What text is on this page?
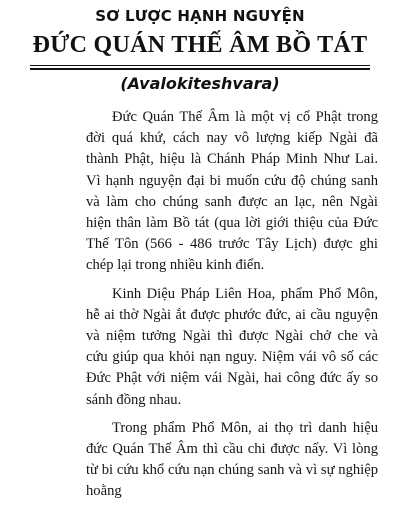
SƠ LƯỢC HẠNH NGUYỆN
ĐỨC QUÁN THẾ ÂM BỒ TÁT
(Avalokiteshvara)

Đức Quán Thế Âm là một vị cổ Phật trong đời quá khứ, cách nay vô lượng kiếp Ngài đã thành Phật, hiệu là Chánh Pháp Minh Như Lai. Vì hạnh nguyện đại bi muốn cứu độ chúng sanh và làm cho chúng sanh được an lạc, nên Ngài hiện thân làm Bồ tát (qua lời giới thiệu của Đức Thế Tôn (566 - 486 trước Tây Lịch) được ghi chép lại trong nhiều kinh điển.

Kinh Diệu Pháp Liên Hoa, phẩm Phổ Môn, hễ ai thờ Ngài ắt được phước đức, ai cầu nguyện và niệm tưởng Ngài thì được Ngài chở che và cứu giúp qua khỏi nạn nguy. Niệm vái vô số các Đức Phật với niệm vái Ngài, hai công đức ấy so sánh đồng nhau.

Trong phẩm Phổ Môn, ai thọ trì danh hiệu đức Quán Thế Âm thì cầu chi được nấy. Vì lòng từ bi cứu khổ cứu nạn chúng sanh và vì sự nghiệp hoằng
